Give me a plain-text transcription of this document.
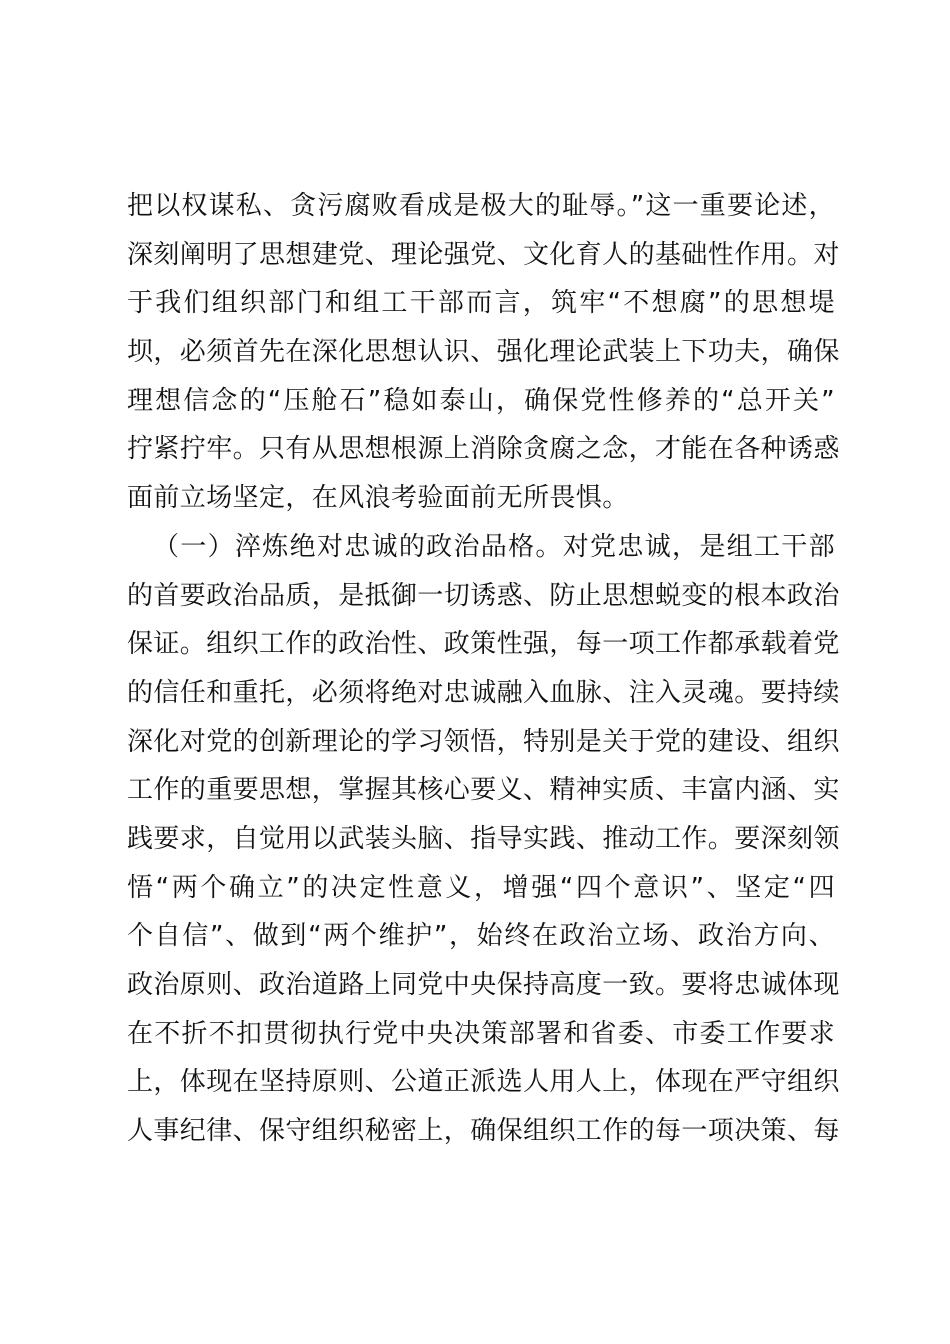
把以权谋私、贪污腐败看成是极大的耻辱。”这一重要论述，
深刻阐明了思想建党、理论强党、文化育人的基础性作用。对
于我们组织部门和组工干部而言，筑牢“不想腐”的思想堤
坝，必须首先在深化思想认识、强化理论武装上下功夫，确保
理想信念的“压舱石”稳如泰山，确保党性修养的“总开关”
拧紧拧牢。只有从思想根源上消除贪腐之念，才能在各种诱惑
面前立场坚定，在风浪考验面前无所畏惧。
（一）淬炼绝对忠诚的政治品格。对党忠诚，是组工干部
的首要政治品质，是抵御一切诱惑、防止思想蜕变的根本政治
保证。组织工作的政治性、政策性强，每一项工作都承载着党
的信任和重托，必须将绝对忠诚融入血脉、注入灵魂。要持续
深化对党的创新理论的学习领悟，特别是关于党的建设、组织
工作的重要思想，掌握其核心要义、精神实质、丰富内涵、实
践要求，自觉用以武装头脑、指导实践、推动工作。要深刻领
悟“两个确立”的决定性意义，增强“四个意识”、坚定“四
个自信”、做到“两个维护”，始终在政治立场、政治方向、
政治原则、政治道路上同党中央保持高度一致。要将忠诚体现
在不折不扣贯彻执行党中央决策部署和省委、市委工作要求
上，体现在坚持原则、公道正派选人用人上，体现在严守组织
人事纪律、保守组织秘密上，确保组织工作的每一项决策、每
